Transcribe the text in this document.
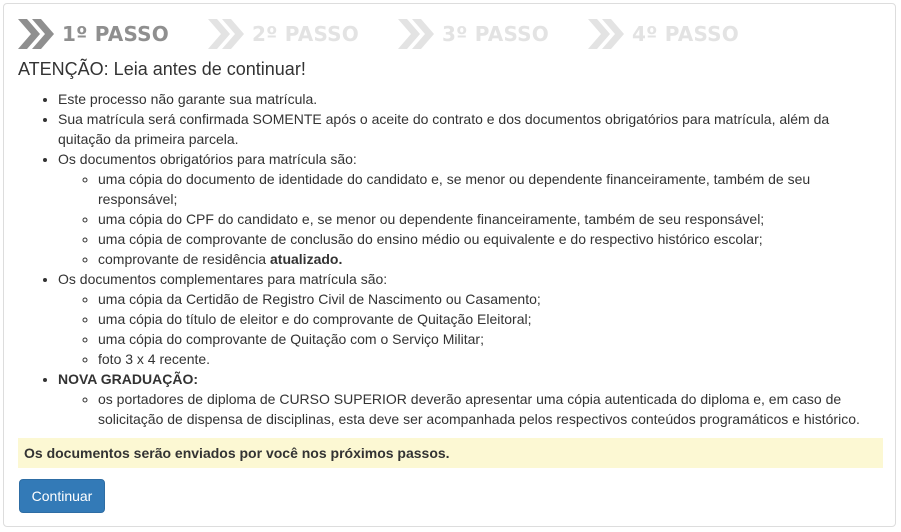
1º PASSO	2º PASSO	3º PASSO	4º PASSO
ATENÇÃO: Leia antes de continuar!
• Este processo não garante sua matrícula.
• Sua matrícula será confirmada SOMENTE após o aceite do contrato e dos documentos obrigatórios para matrícula, além da quitação da primeira parcela.
• Os documentos obrigatórios para matrícula são:
◦ uma cópia do documento de identidade do candidato e, se menor ou dependente financeiramente, também de seu responsável;
◦ uma cópia do CPF do candidato e, se menor ou dependente financeiramente, também de seu responsável;
◦ uma cópia de comprovante de conclusão do ensino médio ou equivalente e do respectivo histórico escolar;
◦ comprovante de residência atualizado.
• Os documentos complementares para matrícula são:
◦ uma cópia da Certidão de Registro Civil de Nascimento ou Casamento;
◦ uma cópia do título de eleitor e do comprovante de Quitação Eleitoral;
◦ uma cópia do comprovante de Quitação com o Serviço Militar;
◦ foto 3 x 4 recente.
• NOVA GRADUAÇÃO:
◦ os portadores de diploma de CURSO SUPERIOR deverão apresentar uma cópia autenticada do diploma e, em caso de solicitação de dispensa de disciplinas, esta deve ser acompanhada pelos respectivos conteúdos programáticos e histórico.
Os documentos serão enviados por você nos próximos passos.
Continuar
